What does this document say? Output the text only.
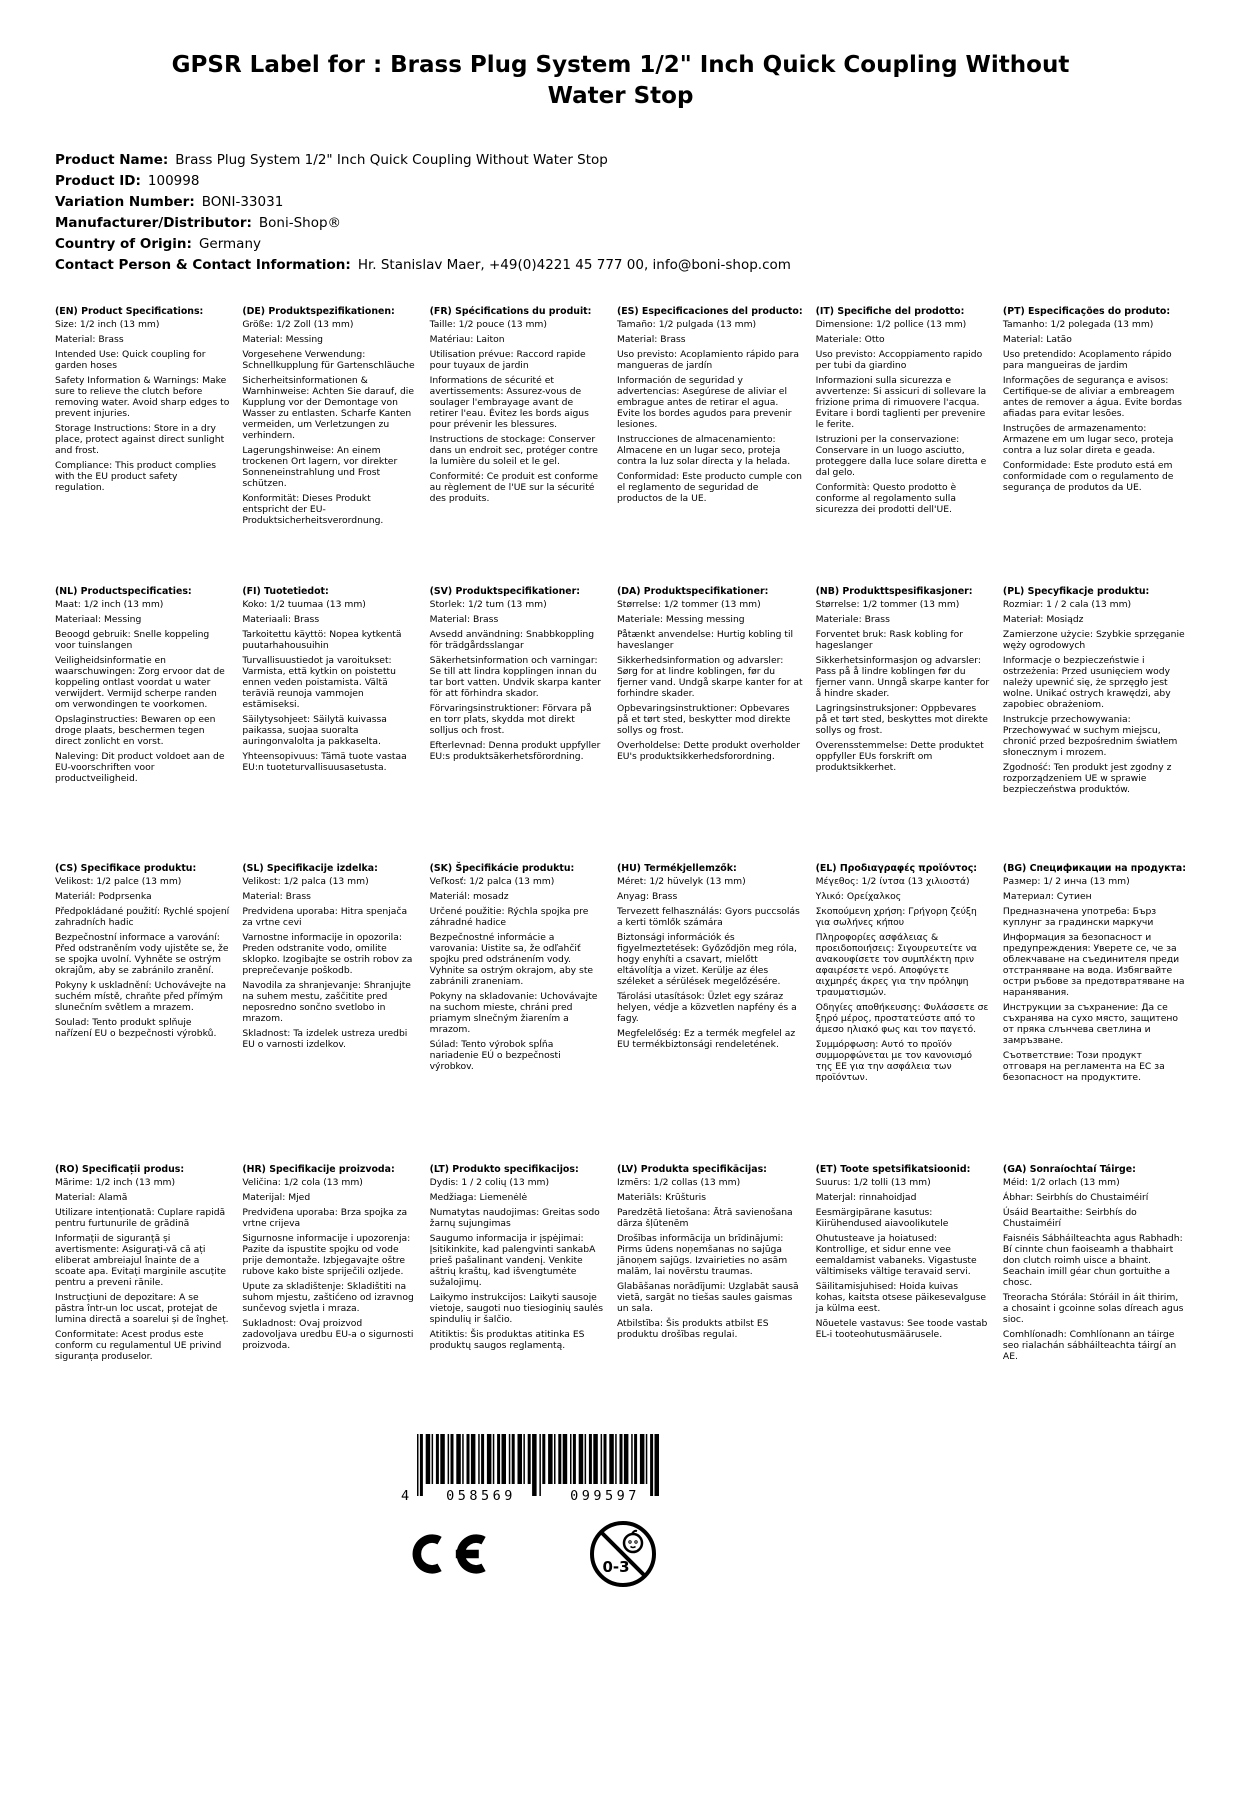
GPSR Label for : Brass Plug System 1/2" Inch Quick Coupling Without Water Stop
Product Name: Brass Plug System 1/2" Inch Quick Coupling Without Water Stop
Product ID: 100998
Variation Number: BONI-33031
Manufacturer/Distributor: Boni-Shop®
Country of Origin: Germany
Contact Person & Contact Information: Hr. Stanislav Maer, +49(0)4221 45 777 00, info@boni-shop.com
(EN) Product Specifications:

Size: 1/2 inch (13 mm)

Material: Brass

Intended Use: Quick coupling for garden hoses

Safety Information & Warnings: Make sure to relieve the clutch before removing water. Avoid sharp edges to prevent injuries.

Storage Instructions: Store in a dry place, protect against direct sunlight and frost.

Compliance: This product complies with the EU product safety regulation.

(DE) Produktspezifikationen:

Größe: 1/2 Zoll (13 mm)

Material: Messing

Vorgesehene Verwendung: Schnellkupplung für Gartenschläuche

Sicherheitsinformationen & Warnhinweise: Achten Sie darauf, die Kupplung vor der Demontage von Wasser zu entlasten. Scharfe Kanten vermeiden, um Verletzungen zu verhindern.

Lagerungshinweise: An einem trockenen Ort lagern, vor direkter Sonneneinstrahlung und Frost schützen.

Konformität: Dieses Produkt entspricht der EU-Produktsicherheitsverordnung.

(FR) Spécifications du produit:

Taille: 1/2 pouce (13 mm)

Matériau: Laiton

Utilisation prévue: Raccord rapide pour tuyaux de jardin

Informations de sécurité et avertissements: Assurez-vous de soulager l'embrayage avant de retirer l'eau. Évitez les bords aigus pour prévenir les blessures.

Instructions de stockage: Conserver dans un endroit sec, protéger contre la lumière du soleil et le gel.

Conformité: Ce produit est conforme au règlement de l'UE sur la sécurité des produits.

(ES) Especificaciones del producto:

Tamaño: 1/2 pulgada (13 mm)

Material: Brass

Uso previsto: Acoplamiento rápido para mangueras de jardín

Información de seguridad y advertencias: Asegúrese de aliviar el embrague antes de retirar el agua. Evite los bordes agudos para prevenir lesiones.

Instrucciones de almacenamiento: Almacene en un lugar seco, proteja contra la luz solar directa y la helada.

Conformidad: Este producto cumple con el reglamento de seguridad de productos de la UE.

(IT) Specifiche del prodotto:

Dimensione: 1/2 pollice (13 mm)

Materiale: Otto

Uso previsto: Accoppiamento rapido per tubi da giardino

Informazioni sulla sicurezza e avvertenze: Si assicuri di sollevare la frizione prima di rimuovere l'acqua. Evitare i bordi taglienti per prevenire le ferite.

Istruzioni per la conservazione: Conservare in un luogo asciutto, proteggere dalla luce solare diretta e dal gelo.

Conformità: Questo prodotto è conforme al regolamento sulla sicurezza dei prodotti dell'UE.

(PT) Especificações do produto:

Tamanho: 1/2 polegada (13 mm)

Material: Latão

Uso pretendido: Acoplamento rápido para mangueiras de jardim

Informações de segurança e avisos: Certifique-se de aliviar a embreagem antes de remover a água. Evite bordas afiadas para evitar lesões.

Instruções de armazenamento: Armazene em um lugar seco, proteja contra a luz solar direta e geada.

Conformidade: Este produto está em conformidade com o regulamento de segurança de produtos da UE.

(NL) Productspecificaties:

Maat: 1/2 inch (13 mm)

Materiaal: Messing

Beoogd gebruik: Snelle koppeling voor tuinslangen

Veiligheidsinformatie en waarschuwingen: Zorg ervoor dat de koppeling ontlast voordat u water verwijdert. Vermijd scherpe randen om verwondingen te voorkomen.

Opslaginstructies: Bewaren op een droge plaats, beschermen tegen direct zonlicht en vorst.

Naleving: Dit product voldoet aan de EU-voorschriften voor productveiligheid.

(FI) Tuotetiedot:

Koko: 1/2 tuumaa (13 mm)

Materiaali: Brass

Tarkoitettu käyttö: Nopea kytkentä puutarhahousuihin

Turvallisuustiedot ja varoitukset: Varmista, että kytkin on poistettu ennen veden poistamista. Vältä teräviä reunoja vammojen estämiseksi.

Säilytysohjeet: Säilytä kuivassa paikassa, suojaa suoralta auringonvalolta ja pakkaselta.

Yhteensopivuus: Tämä tuote vastaa EU:n tuoteturvallisuusasetusta.

(SV) Produktspecifikationer:

Storlek: 1/2 tum (13 mm)

Material: Brass

Avsedd användning: Snabbkoppling för trädgårdsslangar

Säkerhetsinformation och varningar: Se till att lindra kopplingen innan du tar bort vatten. Undvik skarpa kanter för att förhindra skador.

Förvaringsinstruktioner: Förvara på en torr plats, skydda mot direkt solljus och frost.

Efterlevnad: Denna produkt uppfyller EU:s produktsäkerhetsförordning.

(DA) Produktspecifikationer:

Størrelse: 1/2 tommer (13 mm)

Materiale: Messing messing

Påtænkt anvendelse: Hurtig kobling til haveslanger

Sikkerhedsinformation og advarsler: Sørg for at lindre koblingen, før du fjerner vand. Undgå skarpe kanter for at forhindre skader.

Opbevaringsinstruktioner: Opbevares på et tørt sted, beskytter mod direkte sollys og frost.

Overholdelse: Dette produkt overholder EU's produktsikkerhedsforordning.

(NB) Produkttspesifikasjoner:

Størrelse: 1/2 tommer (13 mm)

Materiale: Brass

Forventet bruk: Rask kobling for hageslanger

Sikkerhetsinformasjon og advarsler: Pass på å lindre koblingen før du fjerner vann. Unngå skarpe kanter for å hindre skader.

Lagringsinstruksjoner: Oppbevares på et tørt sted, beskyttes mot direkte sollys og frost.

Overensstemmelse: Dette produktet oppfyller EUs forskrift om produktsikkerhet.

(PL) Specyfikacje produktu:

Rozmiar: 1 / 2 cala (13 mm)

Materiał: Mosiądz

Zamierzone użycie: Szybkie sprzęganie węży ogrodowych

Informacje o bezpieczeństwie i ostrzeżenia: Przed usunięciem wody należy upewnić się, że sprzęgło jest wolne. Unikać ostrych krawędzi, aby zapobiec obrażeniom.

Instrukcje przechowywania: Przechowywać w suchym miejscu, chronić przed bezpośrednim światłem słonecznym i mrozem.

Zgodność: Ten produkt jest zgodny z rozporządzeniem UE w sprawie bezpieczeństwa produktów.

(CS) Specifikace produktu:

Velikost: 1/2 palce (13 mm)

Materiál: Podprsenka

Předpokládané použití: Rychlé spojení zahradních hadic

Bezpečnostní informace a varování: Před odstraněním vody ujistěte se, že se spojka uvolní. Vyhněte se ostrým okrajům, aby se zabránilo zranění.

Pokyny k uskladnění: Uchovávejte na suchém místě, chraňte před přímým slunečním světlem a mrazem.

Soulad: Tento produkt splňuje nařízení EU o bezpečnosti výrobků.

(SL) Specifikacije izdelka:

Velikost: 1/2 palca (13 mm)

Material: Brass

Predvidena uporaba: Hitra spenjača za vrtne cevi

Varnostne informacije in opozorila: Preden odstranite vodo, omilite sklopko. Izogibajte se ostrih robov za preprečevanje poškodb.

Navodila za shranjevanje: Shranjujte na suhem mestu, zaščitite pred neposredno sončno svetlobo in mrazom.

Skladnost: Ta izdelek ustreza uredbi EU o varnosti izdelkov.

(SK) Špecifikácie produktu:

Veľkosť: 1/2 palca (13 mm)

Materiál: mosadz

Určené použitie: Rýchla spojka pre záhradné hadice

Bezpečnostné informácie a varovania: Uistite sa, že odľahčiť spojku pred odstránením vody. Vyhnite sa ostrým okrajom, aby ste zabránili zraneniam.

Pokyny na skladovanie: Uchovávajte na suchom mieste, chráni pred priamym slnečným žiarením a mrazom.

Súlad: Tento výrobok spĺňa nariadenie EÚ o bezpečnosti výrobkov.

(HU) Termékjellemzők:

Méret: 1/2 hüvelyk (13 mm)

Anyag: Brass

Tervezett felhasználás: Gyors puccsolás a kerti tömlők számára

Biztonsági információk és figyelmeztetések: Győződjön meg róla, hogy enyhíti a csavart, mielőtt eltávolítja a vizet. Kerülje az éles széleket a sérülések megelőzésére.

Tárolási utasítások: Üzlet egy száraz helyen, védje a közvetlen napfény és a fagy.

Megfelelőség: Ez a termék megfelel az EU termékbiztonsági rendeletének.

(EL) Προδιαγραφές προϊόντος:

Μέγεθος: 1/2 ίντσα (13 χιλιοστά)

Υλικό: Ορείχαλκος

Σκοπούμενη χρήση: Γρήγορη ζεύξη για σωλήνες κήπου

Πληροφορίες ασφάλειας & προειδοποιήσεις: Σιγουρευτείτε να ανακουφίσετε τον συμπλέκτη πριν αφαιρέσετε νερό. Αποφύγετε αιχμηρές άκρες για την πρόληψη τραυματισμών.

Οδηγίες αποθήκευσης: Φυλάσσετε σε ξηρό μέρος, προστατεύστε από το άμεσο ηλιακό φως και τον παγετό.

Συμμόρφωση: Αυτό το προϊόν συμμορφώνεται με τον κανονισμό της ΕΕ για την ασφάλεια των προϊόντων.

(BG) Спецификации на продукта:

Размер: 1/ 2 инча (13 mm)

Материал: Сутиен

Предназначена употреба: Бърз куплунг за градински маркучи

Информация за безопасност и предупреждения: Уверете се, че за облекчаване на съединителя преди отстраняване на вода. Избягвайте остри ръбове за предотвратяване на наранявания.

Инструкции за съхранение: Да се съхранява на сухо място, защитено от пряка слънчева светлина и замръзване.

Съответствие: Този продукт отговаря на регламента на ЕС за безопасност на продуктите.

(RO) Specificații produs:

Mărime: 1/2 inch (13 mm)

Material: Alamă

Utilizare intenționată: Cuplare rapidă pentru furtunurile de grădină

Informații de siguranță și avertismente: Asigurați-vă că ați eliberat ambreiajul înainte de a scoate apa. Evitați marginile ascuțite pentru a preveni rănile.

Instrucțiuni de depozitare: A se păstra într-un loc uscat, protejat de lumina directă a soarelui și de îngheț.

Conformitate: Acest produs este conform cu regulamentul UE privind siguranța produselor.

(HR) Specifikacije proizvoda:

Veličina: 1/2 cola (13 mm)

Materijal: Mjed

Predviđena uporaba: Brza spojka za vrtne crijeva

Sigurnosne informacije i upozorenja: Pazite da ispustite spojku od vode prije demontaže. Izbjegavajte oštre rubove kako biste spriječili ozljede.

Upute za skladištenje: Skladištiti na suhom mjestu, zaštićeno od izravnog sunčevog svjetla i mraza.

Sukladnost: Ovaj proizvod zadovoljava uredbu EU-a o sigurnosti proizvoda.

(LT) Produkto specifikacijos:

Dydis: 1 / 2 colių (13 mm)

Medžiaga: Liemenėlė

Numatytas naudojimas: Greitas sodo žarnų sujungimas

Saugumo informacija ir įspėjimai: Įsitikinkite, kad palengvinti sankabA prieš pašalinant vandenį. Venkite aštrių kraštų, kad išvengtumėte sužalojimų.

Laikymo instrukcijos: Laikyti sausoje vietoje, saugoti nuo tiesioginių saulės spindulių ir šalčio.

Atitiktis: Šis produktas atitinka ES produktų saugos reglamentą.

(LV) Produkta specifikācijas:

Izmērs: 1/2 collas (13 mm)

Materiāls: Krūšturis

Paredzētā lietošana: Ātrā savienošana dārza šļūtenēm

Drošības informācija un brīdinājumi: Pirms ūdens noņemšanas no sajūga jānoņem sajūgs. Izvairieties no asām malām, lai novērstu traumas.

Glabāšanas norādījumi: Uzglabāt sausā vietā, sargāt no tiešas saules gaismas un sala.

Atbilstība: Šis produkts atbilst ES produktu drošības regulai.

(ET) Toote spetsifikatsioonid:

Suurus: 1/2 tolli (13 mm)

Materjal: rinnahoidjad

Eesmärgipärane kasutus: Kiirühendused aiavoolikutele

Ohutusteave ja hoiatused: Kontrollige, et sidur enne vee eemaldamist vabaneks. Vigastuste vältimiseks vältige teravaid servi.

Säilitamisjuhised: Hoida kuivas kohas, kaitsta otsese päikesevalguse ja külma eest.

Nõuetele vastavus: See toode vastab EL-i tooteohutusmäärusele.

(GA) Sonraíochtaí Táirge:

Méid: 1/2 orlach (13 mm)

Ábhar: Seirbhís do Chustaiméirí

Úsáid Beartaithe: Seirbhís do Chustaiméirí

Faisnéis Sábháilteachta agus Rabhadh: Bí cinnte chun faoiseamh a thabhairt don clutch roimh uisce a bhaint. Seachain imill géar chun gortuithe a chosc.

Treoracha Stórála: Stóráil in áit thirim, a chosaint i gcoinne solas díreach agus sioc.

Comhlíonadh: Comhlíonann an táirge seo rialachán sábháilteachta táirgí an AE.

4 058569	099597
0-3
